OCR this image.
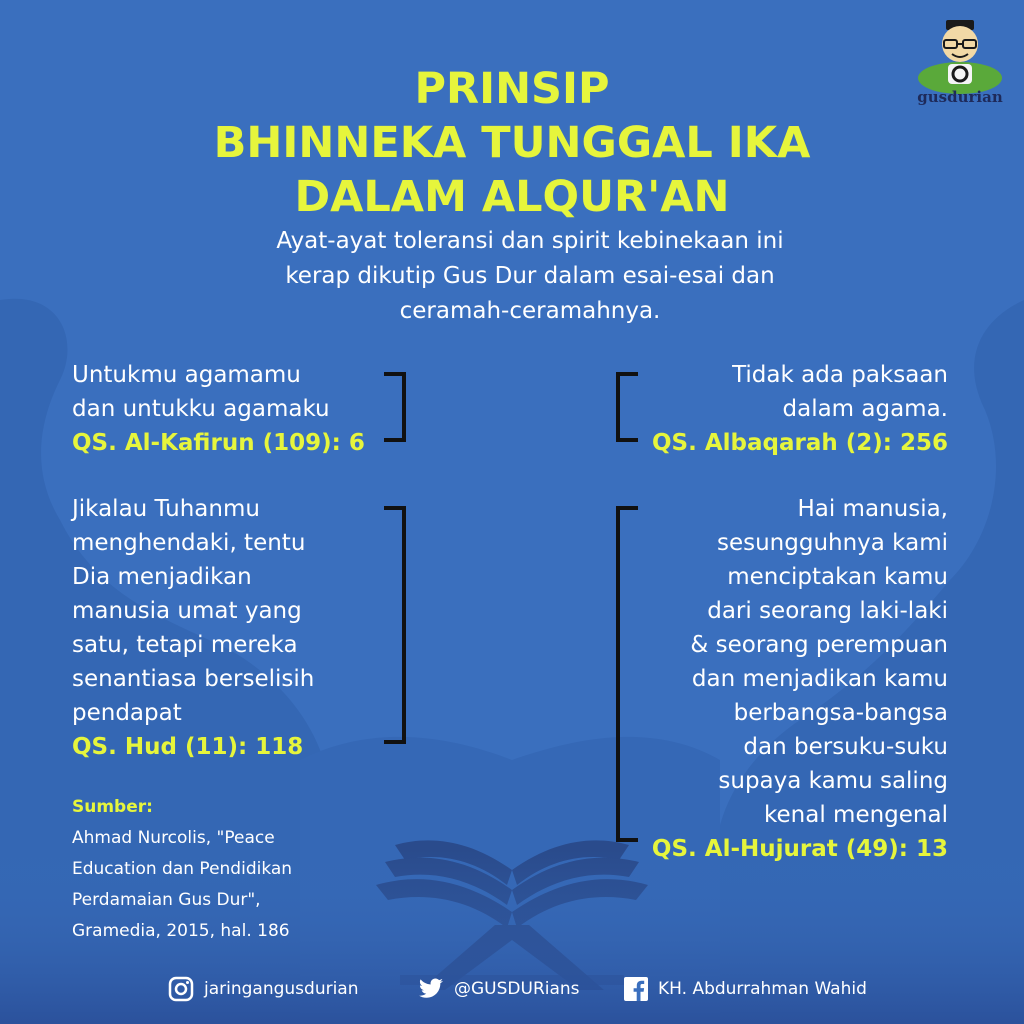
gusdurian
PRINSIP
BHINNEKA TUNGGAL IKA
DALAM ALQUR'AN
Ayat-ayat toleransi dan spirit kebinekaan ini
kerap dikutip Gus Dur dalam esai-esai dan
ceramah-ceramahnya.
Untukmu agamamu
dan untukku agamaku
QS. Al-Kafirun (109): 6
Tidak ada paksaan
dalam agama.
QS. Albaqarah (2): 256
Jikalau Tuhanmu
menghendaki, tentu
Dia menjadikan
manusia umat yang
satu, tetapi mereka
senantiasa berselisih
pendapat
QS. Hud (11): 118
Hai manusia,
sesungguhnya kami
menciptakan kamu
dari seorang laki-laki
& seorang perempuan
dan menjadikan kamu
berbangsa-bangsa
dan bersuku-suku
supaya kamu saling
kenal mengenal
QS. Al-Hujurat (49): 13
Sumber:
Ahmad Nurcolis, "Peace
Education dan Pendidikan
Perdamaian Gus Dur",
Gramedia, 2015, hal. 186
jaringangusdurian	@GUSDURians	KH. Abdurrahman Wahid
